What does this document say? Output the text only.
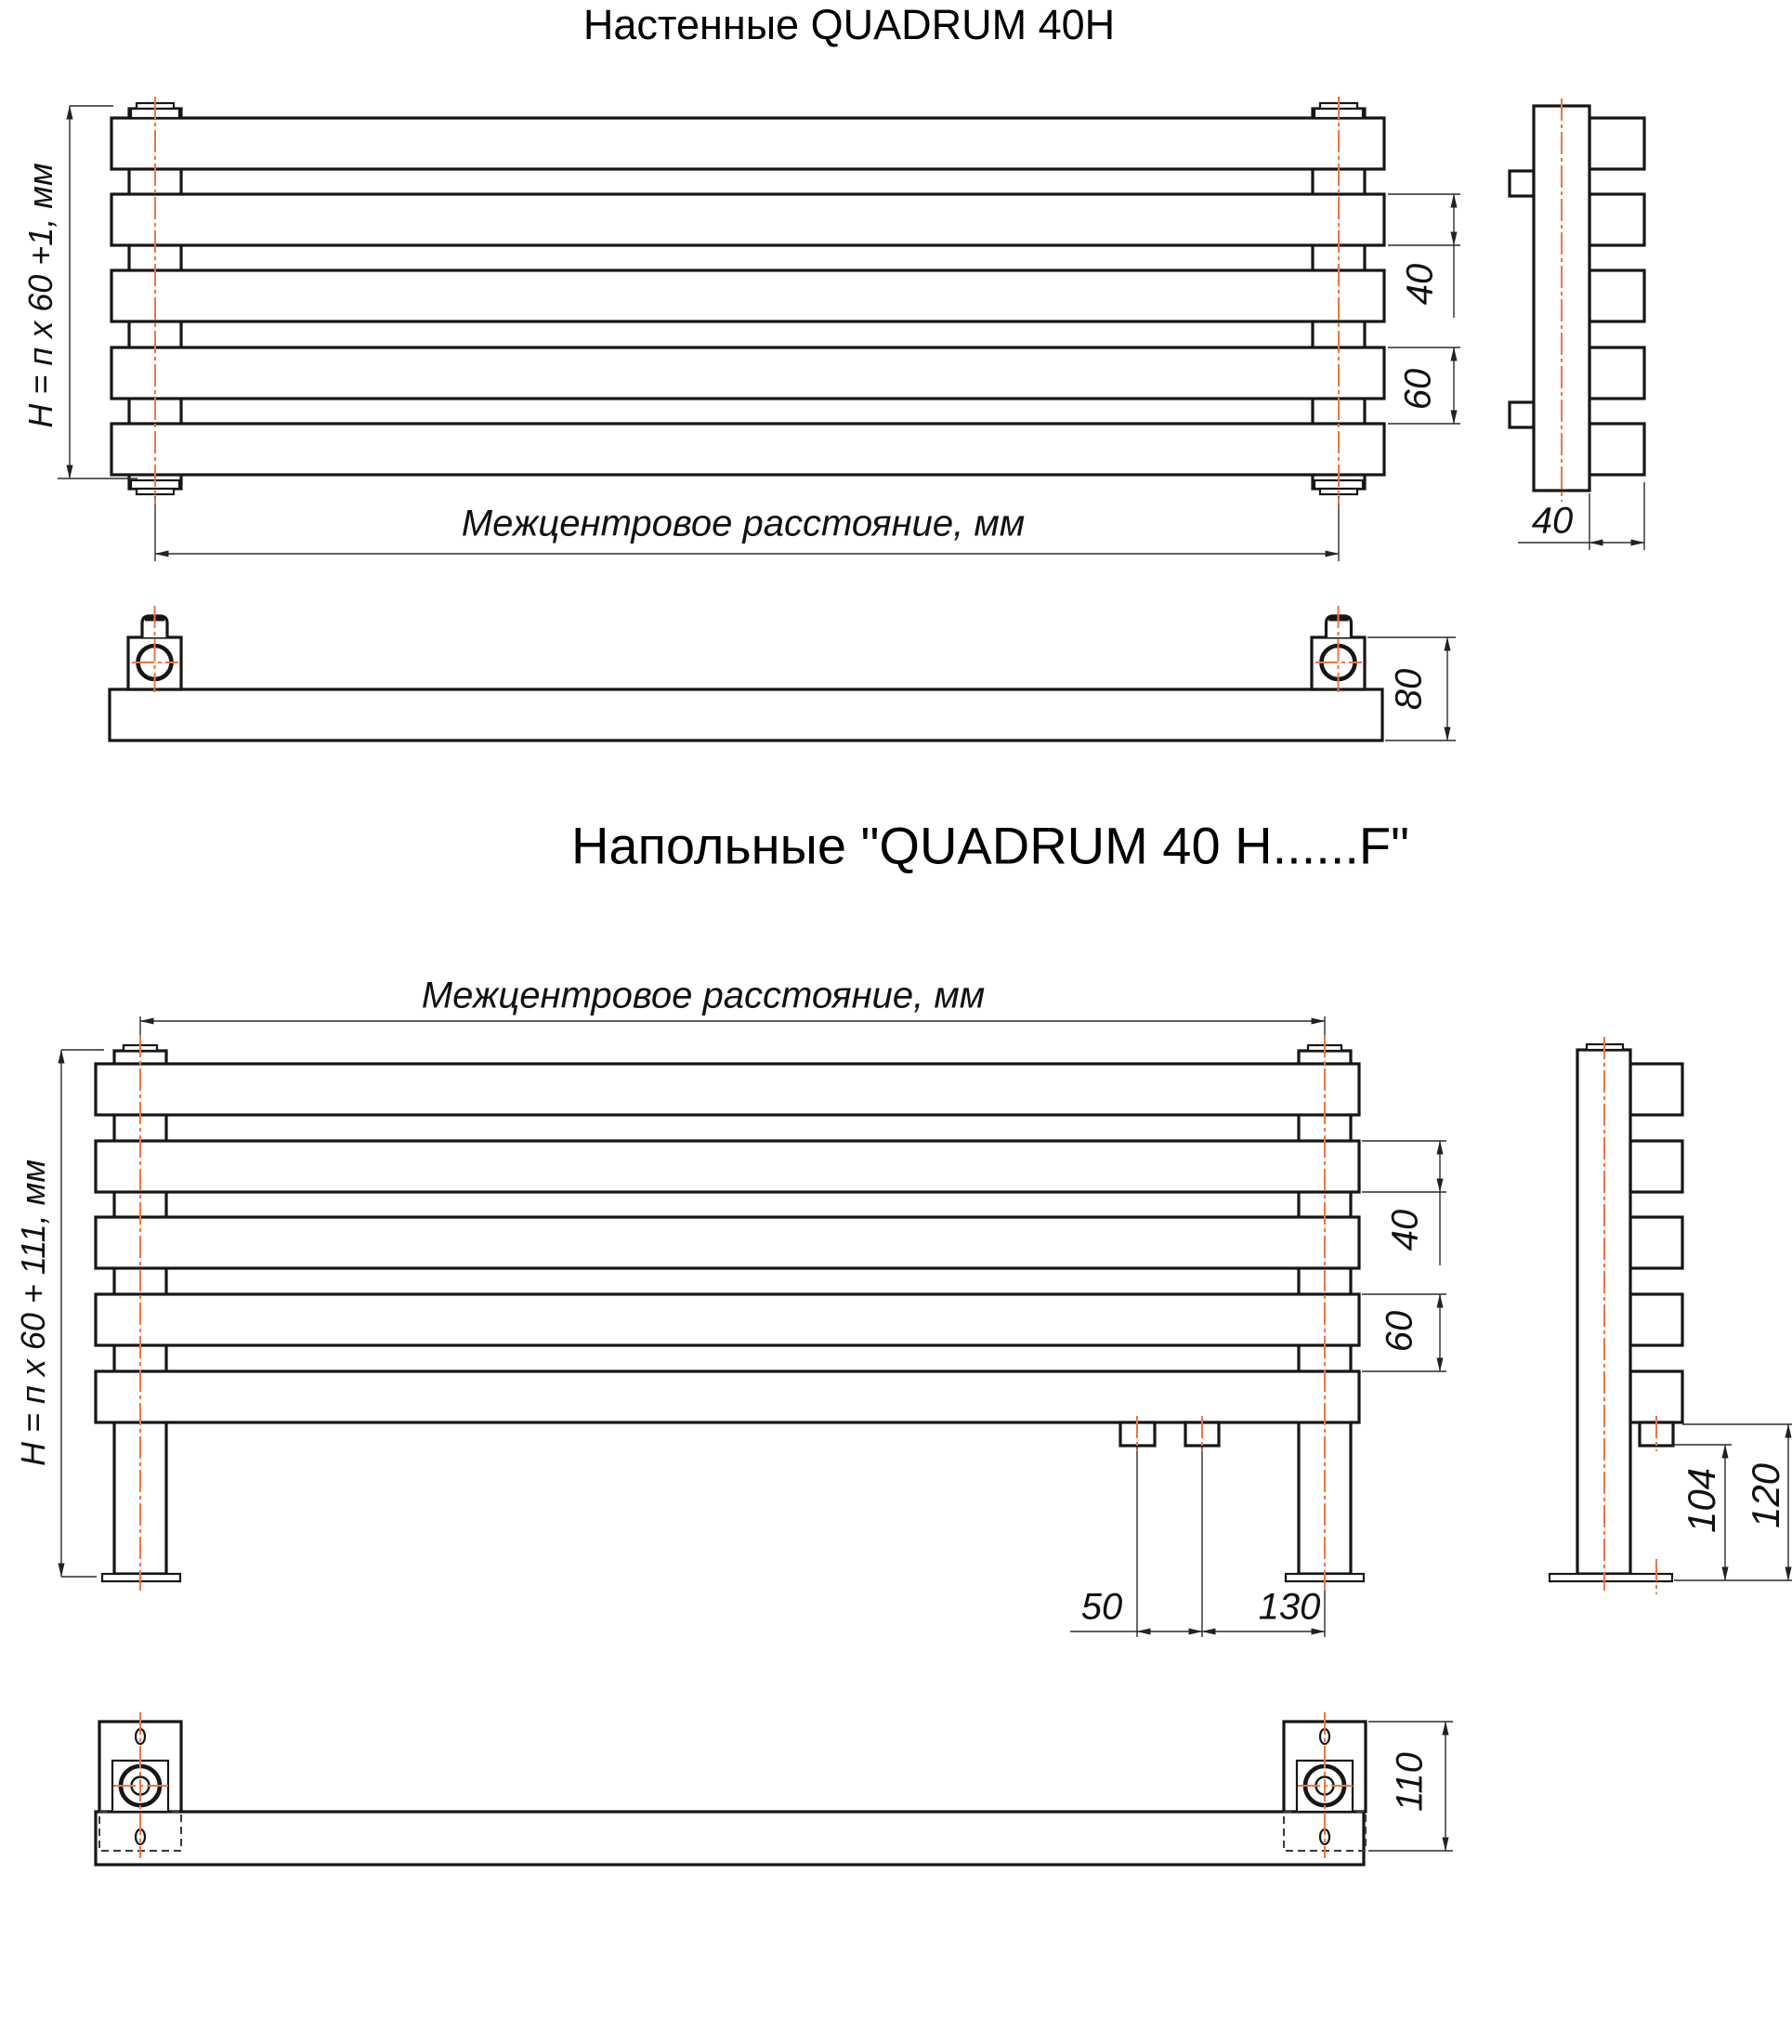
Настенные QUADRUM 40Н
H = п x 60 +1, мм
Межцентровое расстояние, мм
40
60
40
80
Напольные "QUADRUM 40 Н......F"
Межцентровое расстояние, мм
H = п x 60 + 111, мм	40
60
50	130
104 120
110
